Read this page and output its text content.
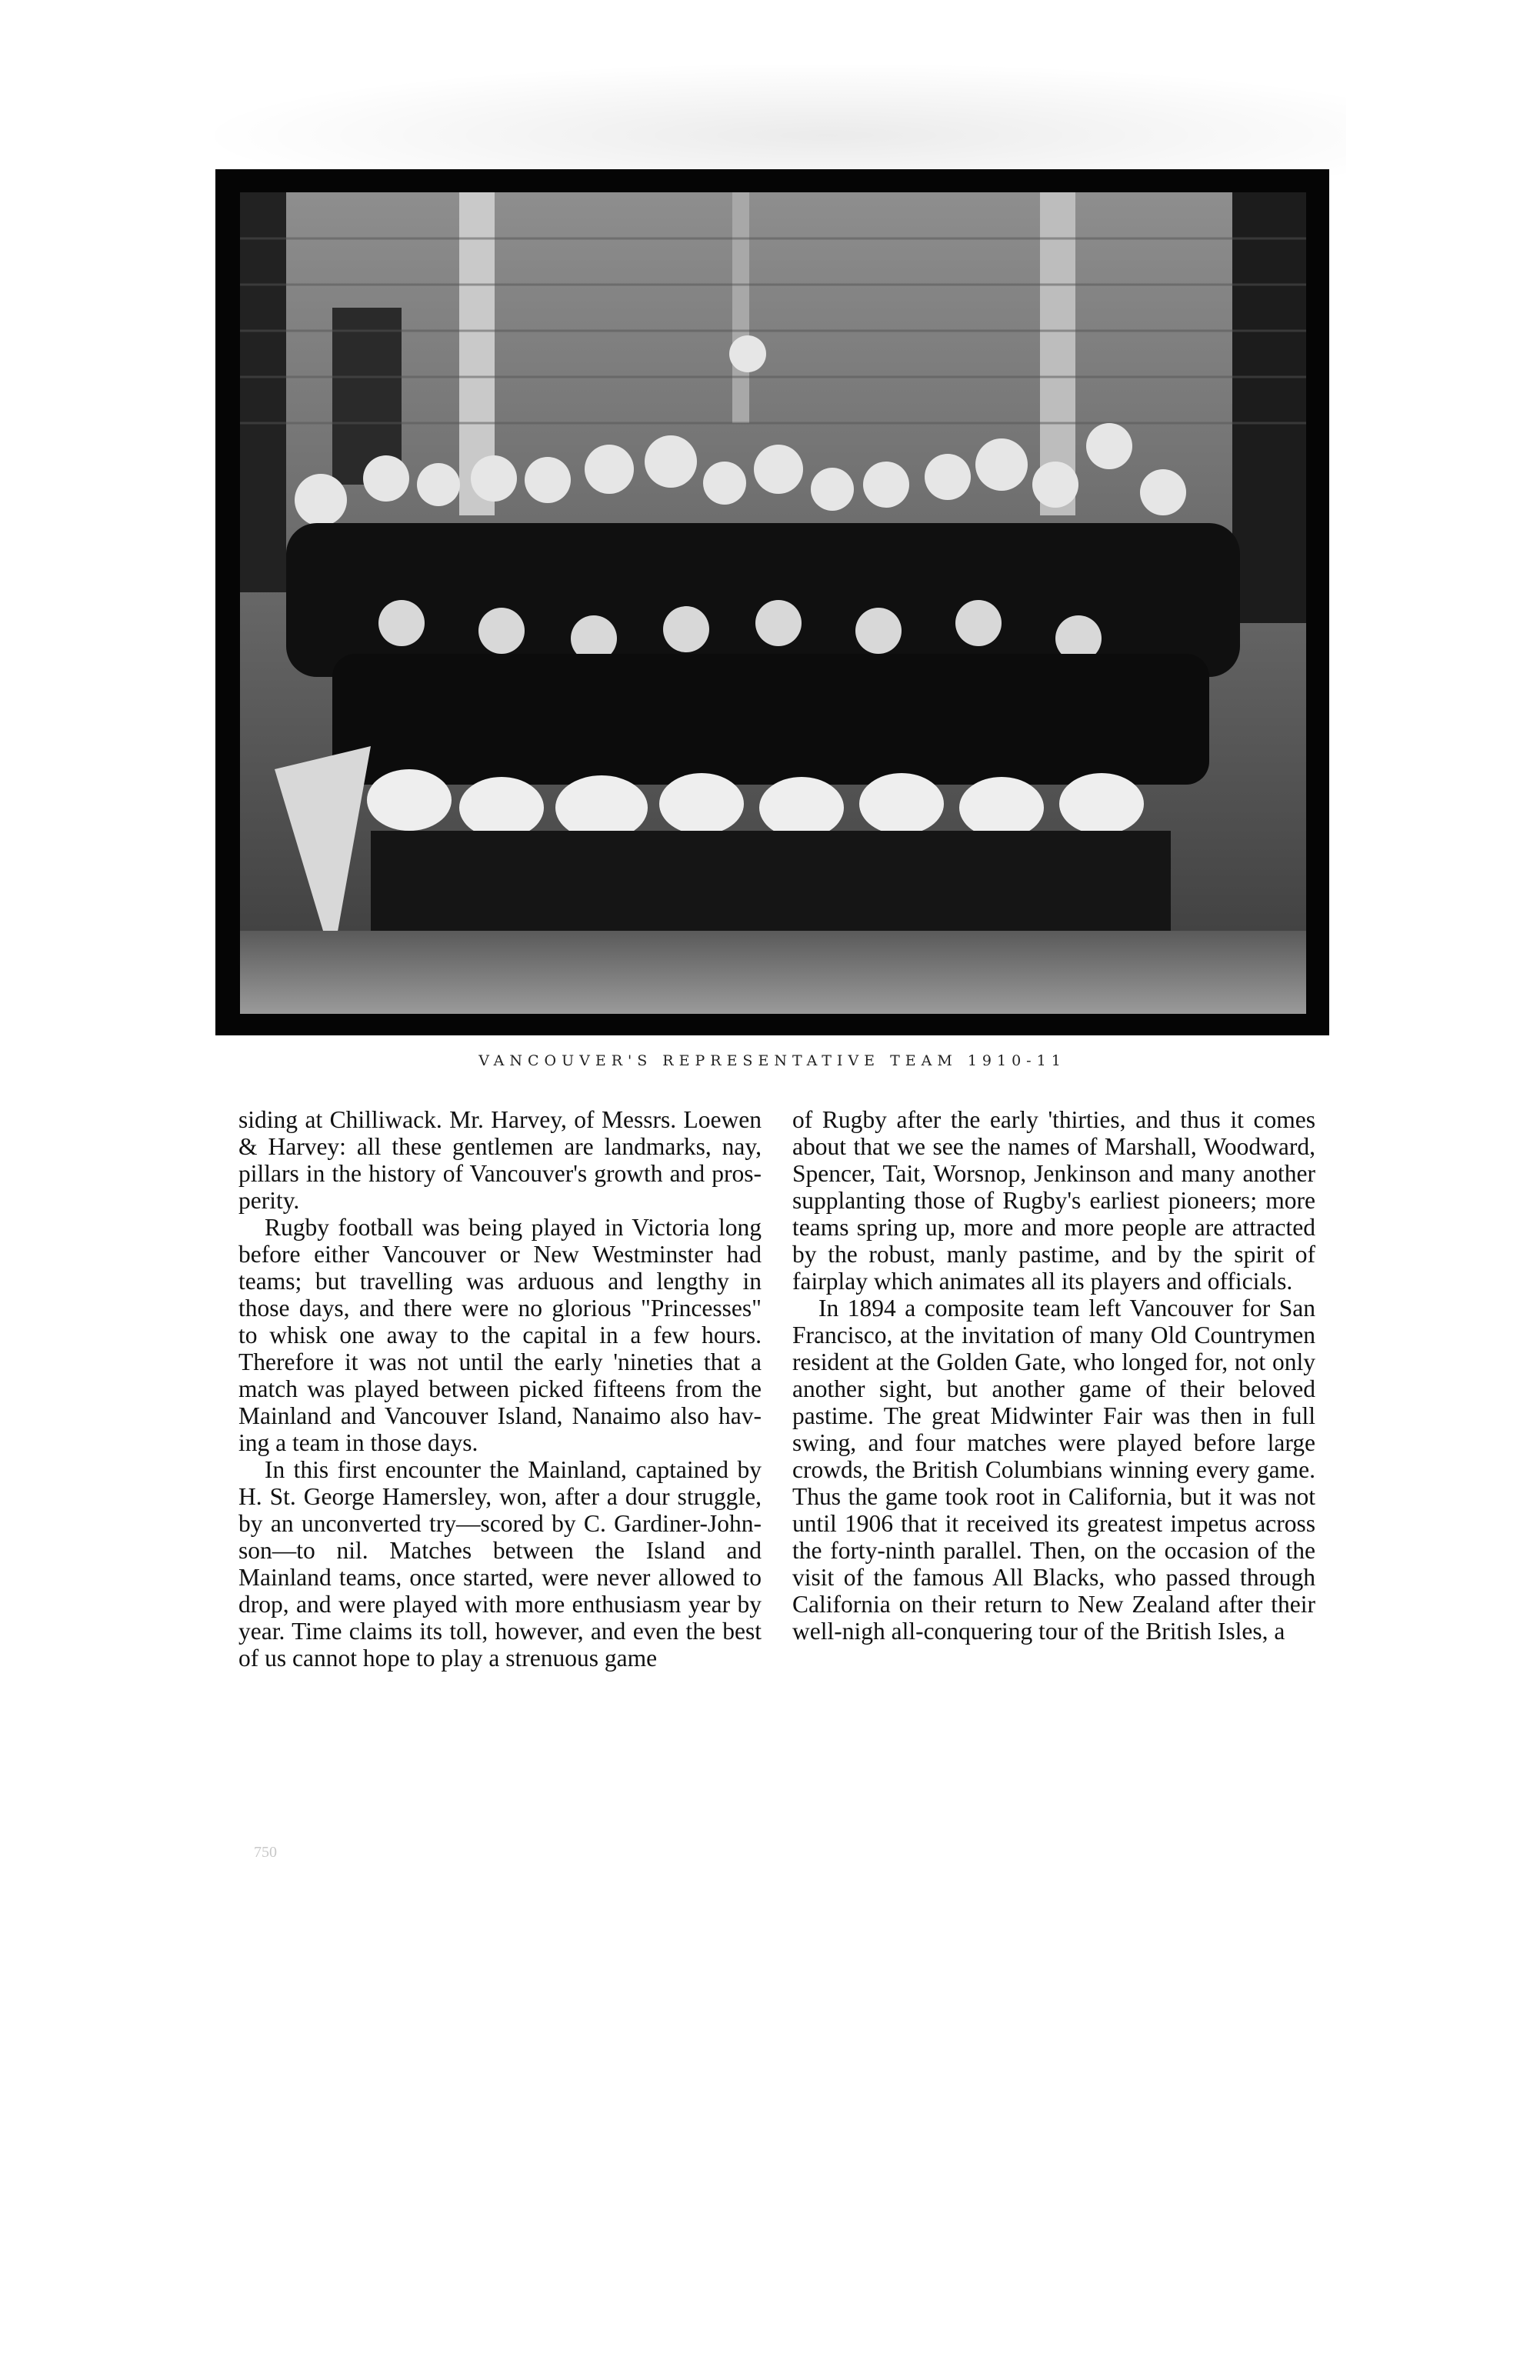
VANCOUVER'S REPRESENTATIVE TEAM 1910-11

siding at Chilliwack. Mr. Harvey, of Messrs. Loewen & Harvey: all these gentlemen are landmarks, nay, pillars in the history of Vancouver's growth and prosperity.

Rugby football was being played in Victoria long before either Vancouver or New Westminster had teams; but travelling was arduous and lengthy in those days, and there were no glorious "Princesses" to whisk one away to the capital in a few hours. Therefore it was not until the early 'nineties that a match was played between picked fifteens from the Mainland and Vancouver Island, Nanaimo also having a team in those days.

In this first encounter the Mainland, captained by H. St. George Hamersley, won, after a dour struggle, by an unconverted try—scored by C. Gardiner-Johnson—to nil. Matches between the Island and Mainland teams, once started, were never allowed to drop, and were played with more enthusiasm year by year. Time claims its toll, however, and even the best of us cannot hope to play a strenuous game

of Rugby after the early 'thirties, and thus it comes about that we see the names of Marshall, Woodward, Spencer, Tait, Worsnop, Jenkinson and many another supplanting those of Rugby's earliest pioneers; more teams spring up, more and more people are attracted by the robust, manly pastime, and by the spirit of fairplay which animates all its players and officials.

In 1894 a composite team left Vancouver for San Francisco, at the invitation of many Old Countrymen resident at the Golden Gate, who longed for, not only another sight, but another game of their beloved pastime. The great Midwinter Fair was then in full swing, and four matches were played before large crowds, the British Columbians winning every game. Thus the game took root in California, but it was not until 1906 that it received its greatest impetus across the forty-ninth parallel. Then, on the occasion of the visit of the famous All Blacks, who passed through California on their return to New Zealand after their well-nigh all-conquering tour of the British Isles, a

750
